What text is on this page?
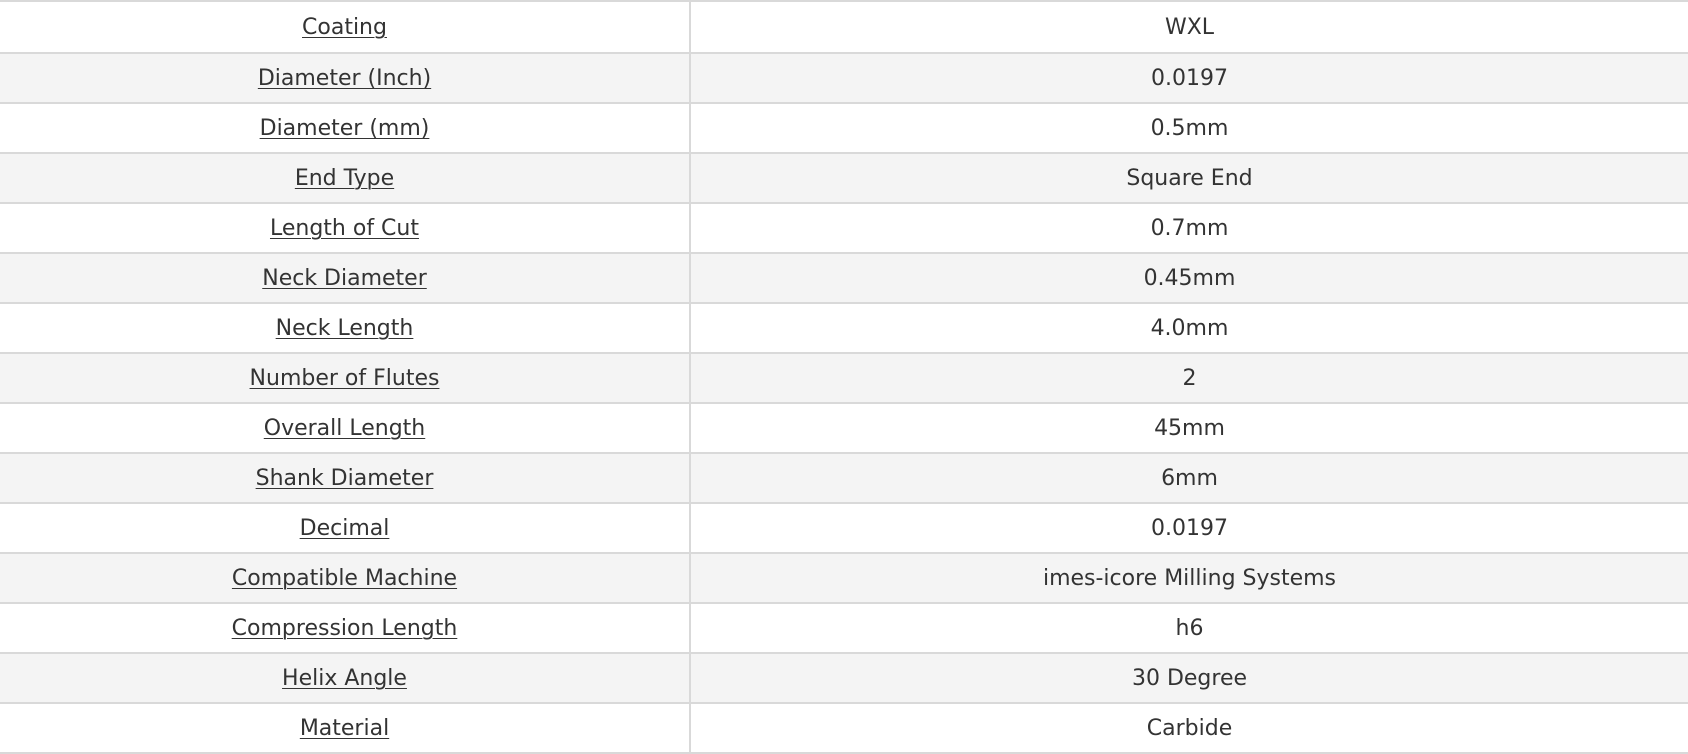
Coating	WXL
Diameter (Inch)	0.0197
Diameter (mm)	0.5mm
End Type	Square End
Length of Cut	0.7mm
Neck Diameter	0.45mm
Neck Length	4.0mm
Number of Flutes	2
Overall Length	45mm
Shank Diameter	6mm
Decimal	0.0197
Compatible Machine	imes-icore Milling Systems
Compression Length	h6
Helix Angle	30 Degree
Material	Carbide
